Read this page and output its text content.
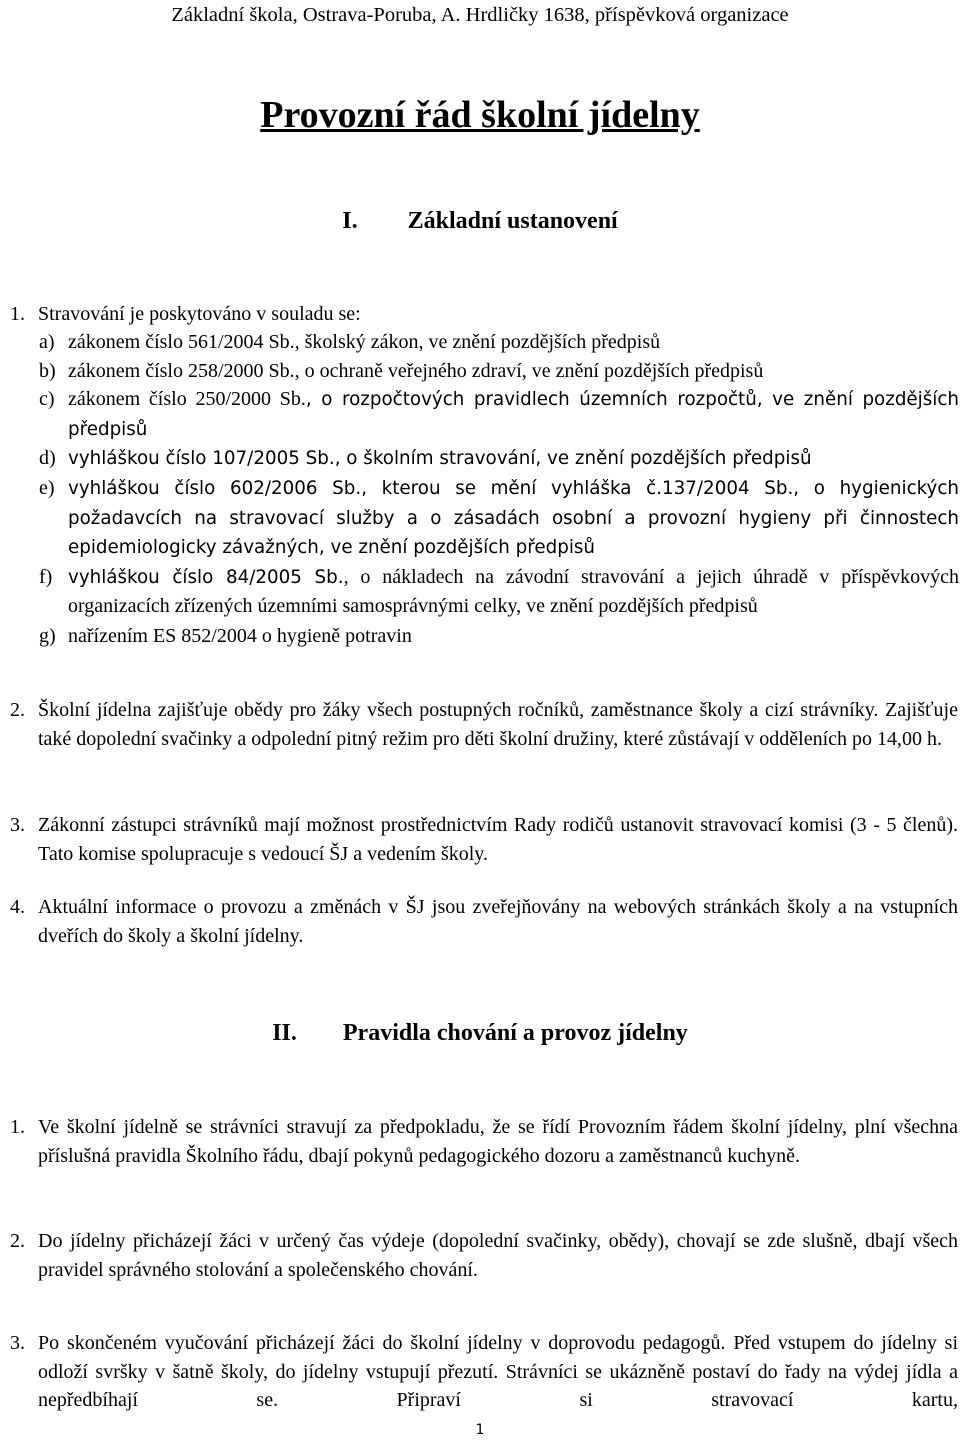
Základní škola, Ostrava-Poruba, A. Hrdličky 1638, příspěvková organizace
Provozní řád školní jídelny
I. Základní ustanovení
1. Stravování je poskytováno v souladu se:
a) zákonem číslo 561/2004 Sb., školský zákon, ve znění pozdějších předpisů
b) zákonem číslo 258/2000 Sb., o ochraně veřejného zdraví, ve znění pozdějších předpisů
c) zákonem číslo 250/2000 Sb., o rozpočtových pravidlech územních rozpočtů, ve znění pozdějších předpisů
d) vyhláškou číslo 107/2005 Sb., o školním stravování, ve znění pozdějších předpisů
e) vyhláškou číslo 602/2006 Sb., kterou se mění vyhláška č.137/2004 Sb., o hygienických požadavcích na stravovací služby a o zásadách osobní a provozní hygieny při činnostech epidemiologicky závažných, ve znění pozdějších předpisů
f) vyhláškou číslo 84/2005 Sb., o nákladech na závodní stravování a jejich úhradě v příspěvkových organizacích zřízených územními samosprávnými celky, ve znění pozdějších předpisů
g) nařízením ES 852/2004 o hygieně potravin
2. Školní jídelna zajišťuje obědy pro žáky všech postupných ročníků, zaměstnance školy a cizí strávníky. Zajišťuje také dopolední svačinky a odpolední pitný režim pro děti školní družiny, které zůstávají v odděleních po 14,00 h.
3. Zákonní zástupci strávníků mají možnost prostřednictvím Rady rodičů ustanovit stravovací komisi (3 - 5 členů). Tato komise spolupracuje s vedoucí ŠJ a vedením školy.
4. Aktuální informace o provozu a změnách v ŠJ jsou zveřejňovány na webových stránkách školy a na vstupních dveřích do školy a školní jídelny.
II. Pravidla chování a provoz jídelny
1. Ve školní jídelně se strávníci stravují za předpokladu, že se řídí Provozním řádem školní jídelny, plní všechna příslušná pravidla Školního řádu, dbají pokynů pedagogického dozoru a zaměstnanců kuchyně.
2. Do jídelny přicházejí žáci v určený čas výdeje (dopolední svačinky, obědy), chovají se zde slušně, dbají všech pravidel správného stolování a společenského chování.
3. Po skončeném vyučování přicházejí žáci do školní jídelny v doprovodu pedagogů. Před vstupem do jídelny si odloží svršky v šatně školy, do jídelny vstupují přezutí. Strávníci se ukázněně postaví do řady na výdej jídla a nepředbíhají se. Připraví si stravovací kartu,
1
